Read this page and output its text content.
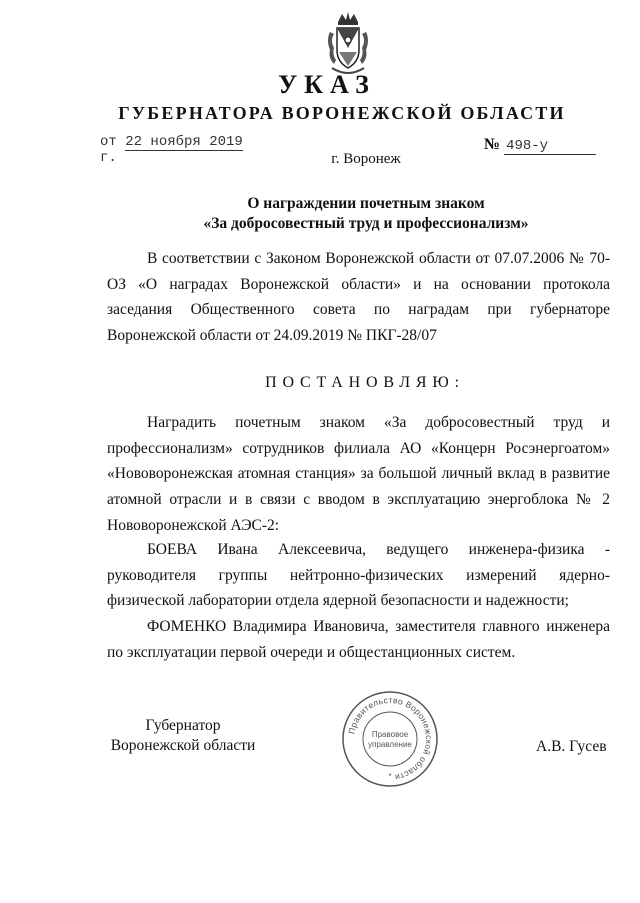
УКАЗ
ГУБЕРНАТОРА ВОРОНЕЖСКОЙ ОБЛАСТИ
от 22 ноября 2019 г.
№ 498-у
г. Воронеж
О награждении почетным знаком
«За добросовестный труд и профессионализм»
В соответствии с Законом Воронежской области от 07.07.2006 № 70-ОЗ «О наградах Воронежской области» и на основании протокола заседания Общественного совета по наградам при губернаторе Воронежской области от 24.09.2019 № ПКГ-28/07
ПОСТАНОВЛЯЮ:
Наградить почетным знаком «За добросовестный труд и профессионализм» сотрудников филиала АО «Концерн Росэнергоатом» «Нововоронежская атомная станция» за большой личный вклад в развитие атомной отрасли и в связи с вводом в эксплуатацию энергоблока № 2 Нововоронежской АЭС-2:
БОЕВА Ивана Алексеевича, ведущего инженера-физика - руководителя группы нейтронно-физических измерений ядерно-физической лаборатории отдела ядерной безопасности и надежности;
ФОМЕНКО Владимира Ивановича, заместителя главного инженера по эксплуатации первой очереди и общестанционных систем.
Губернатор
Воронежской области
Правительство Воронежской области
Правовое
управление
*
А.В. Гусев
